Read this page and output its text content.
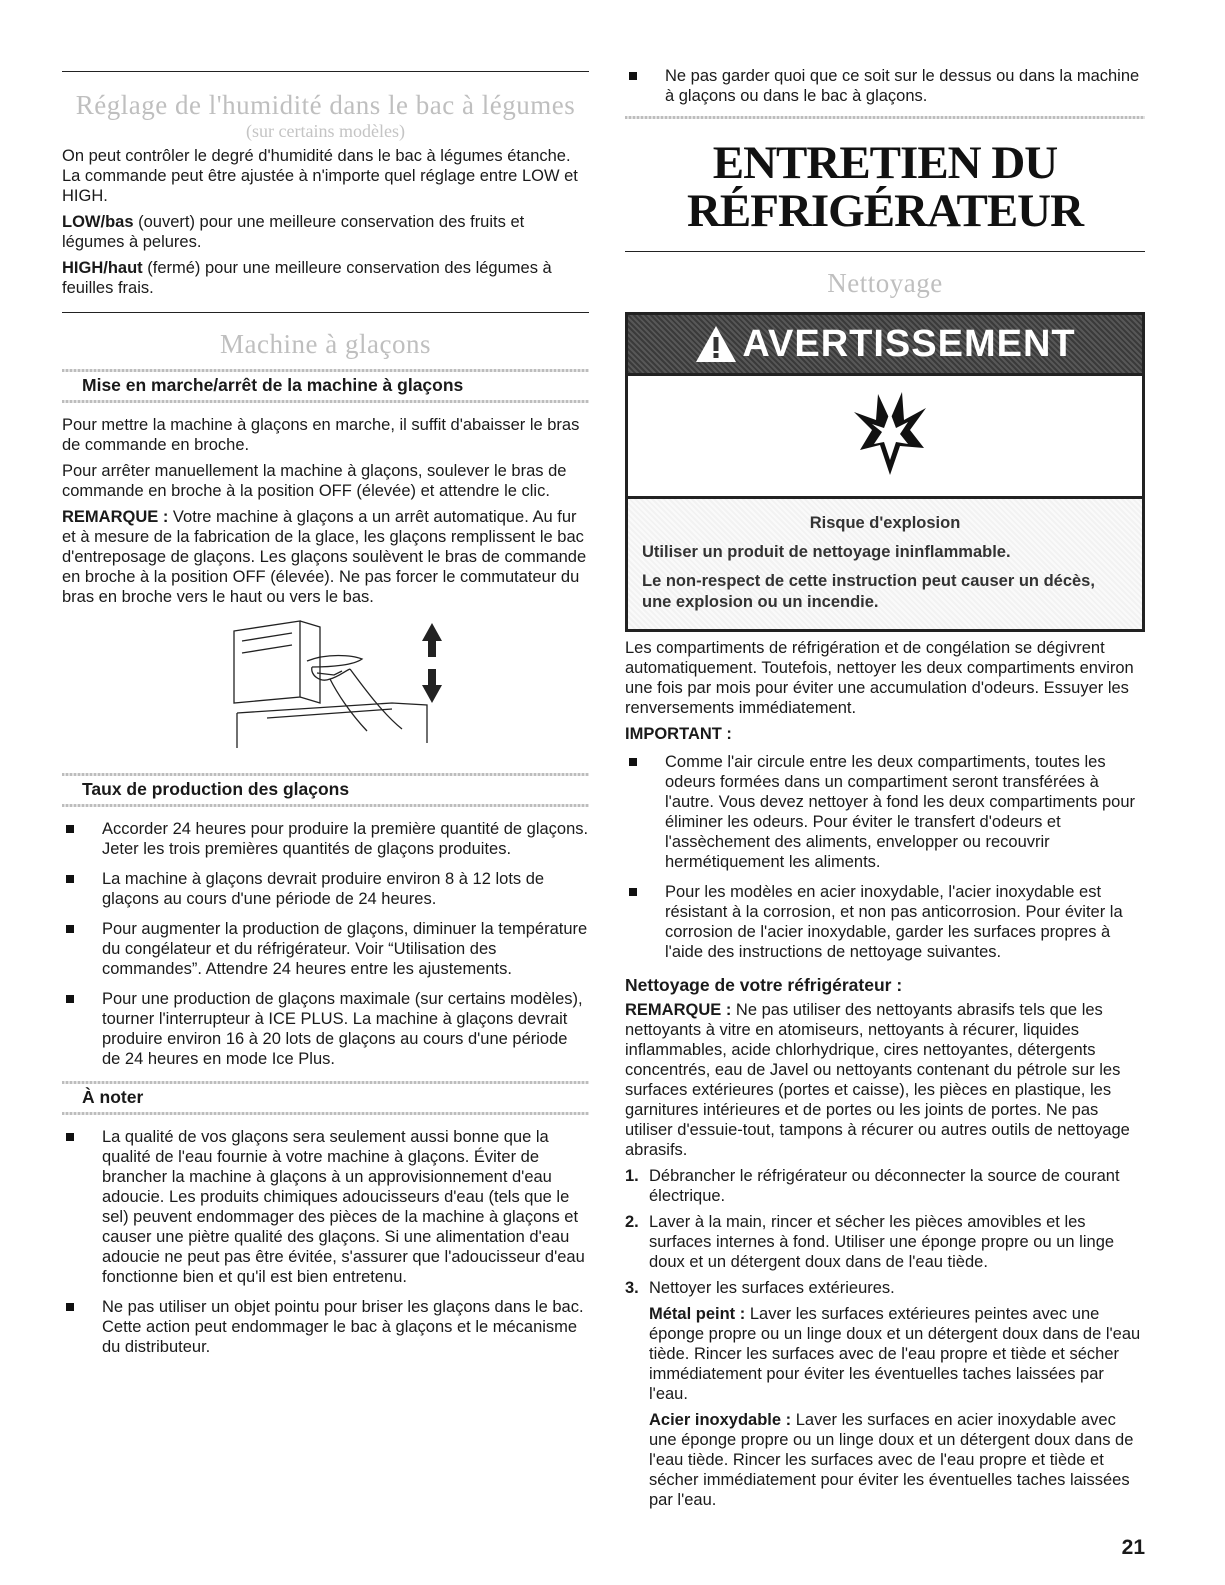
Réglage de l'humidité dans le bac à légumes
(sur certains modèles)

On peut contrôler le degré d'humidité dans le bac à légumes étanche. La commande peut être ajustée à n'importe quel réglage entre LOW et HIGH.

LOW/bas (ouvert) pour une meilleure conservation des fruits et légumes à pelures.

HIGH/haut (fermé) pour une meilleure conservation des légumes à feuilles frais.

Machine à glaçons
Mise en marche/arrêt de la machine à glaçons

Pour mettre la machine à glaçons en marche, il suffit d'abaisser le bras de commande en broche.

Pour arrêter manuellement la machine à glaçons, soulever le bras de commande en broche à la position OFF (élevée) et attendre le clic.

REMARQUE : Votre machine à glaçons a un arrêt automatique. Au fur et à mesure de la fabrication de la glace, les glaçons remplissent le bac d'entreposage de glaçons. Les glaçons soulèvent le bras de commande en broche à la position OFF (élevée). Ne pas forcer le commutateur du bras en broche vers le haut ou vers le bas.

Taux de production des glaçons
Accorder 24 heures pour produire la première quantité de glaçons. Jeter les trois premières quantités de glaçons produites.
La machine à glaçons devrait produire environ 8 à 12 lots de glaçons au cours d'une période de 24 heures.
Pour augmenter la production de glaçons, diminuer la température du congélateur et du réfrigérateur. Voir “Utilisation des commandes”. Attendre 24 heures entre les ajustements.
Pour une production de glaçons maximale (sur certains modèles), tourner l'interrupteur à ICE PLUS. La machine à glaçons devrait produire environ 16 à 20 lots de glaçons au cours d'une période de 24 heures en mode Ice Plus.
À noter
La qualité de vos glaçons sera seulement aussi bonne que la qualité de l'eau fournie à votre machine à glaçons. Éviter de brancher la machine à glaçons à un approvisionnement d'eau adoucie. Les produits chimiques adoucisseurs d'eau (tels que le sel) peuvent endommager des pièces de la machine à glaçons et causer une piètre qualité des glaçons. Si une alimentation d'eau adoucie ne peut pas être évitée, s'assurer que l'adoucisseur d'eau fonctionne bien et qu'il est bien entretenu.
Ne pas utiliser un objet pointu pour briser les glaçons dans le bac. Cette action peut endommager le bac à glaçons et le mécanisme du distributeur.
Ne pas garder quoi que ce soit sur le dessus ou dans la machine à glaçons ou dans le bac à glaçons.
ENTRETIEN DU
RÉFRIGÉRATEUR
Nettoyage
AVERTISSEMENT
Risque d'explosion
Utiliser un produit de nettoyage ininflammable.
Le non-respect de cette instruction peut causer un décès, une explosion ou un incendie.

Les compartiments de réfrigération et de congélation se dégivrent automatiquement. Toutefois, nettoyer les deux compartiments environ une fois par mois pour éviter une accumulation d'odeurs. Essuyer les renversements immédiatement.

IMPORTANT :

Comme l'air circule entre les deux compartiments, toutes les odeurs formées dans un compartiment seront transférées à l'autre. Vous devez nettoyer à fond les deux compartiments pour éliminer les odeurs. Pour éviter le transfert d'odeurs et l'assèchement des aliments, envelopper ou recouvrir hermétiquement les aliments.
Pour les modèles en acier inoxydable, l'acier inoxydable est résistant à la corrosion, et non pas anticorrosion. Pour éviter la corrosion de l'acier inoxydable, garder les surfaces propres à l'aide des instructions de nettoyage suivantes.
Nettoyage de votre réfrigérateur :

REMARQUE : Ne pas utiliser des nettoyants abrasifs tels que les nettoyants à vitre en atomiseurs, nettoyants à récurer, liquides inflammables, acide chlorhydrique, cires nettoyantes, détergents concentrés, eau de Javel ou nettoyants contenant du pétrole sur les surfaces extérieures (portes et caisse), les pièces en plastique, les garnitures intérieures et de portes ou les joints de portes. Ne pas utiliser d'essuie-tout, tampons à récurer ou autres outils de nettoyage abrasifs.

1. Débrancher le réfrigérateur ou déconnecter la source de courant électrique.
2. Laver à la main, rincer et sécher les pièces amovibles et les surfaces internes à fond. Utiliser une éponge propre ou un linge doux et un détergent doux dans de l'eau tiède.
3. Nettoyer les surfaces extérieures.

Métal peint : Laver les surfaces extérieures peintes avec une éponge propre ou un linge doux et un détergent doux dans de l'eau tiède. Rincer les surfaces avec de l'eau propre et tiède et sécher immédiatement pour éviter les éventuelles taches laissées par l'eau.

Acier inoxydable : Laver les surfaces en acier inoxydable avec une éponge propre ou un linge doux et un détergent doux dans de l'eau tiède. Rincer les surfaces avec de l'eau propre et tiède et sécher immédiatement pour éviter les éventuelles taches laissées par l'eau.

21
